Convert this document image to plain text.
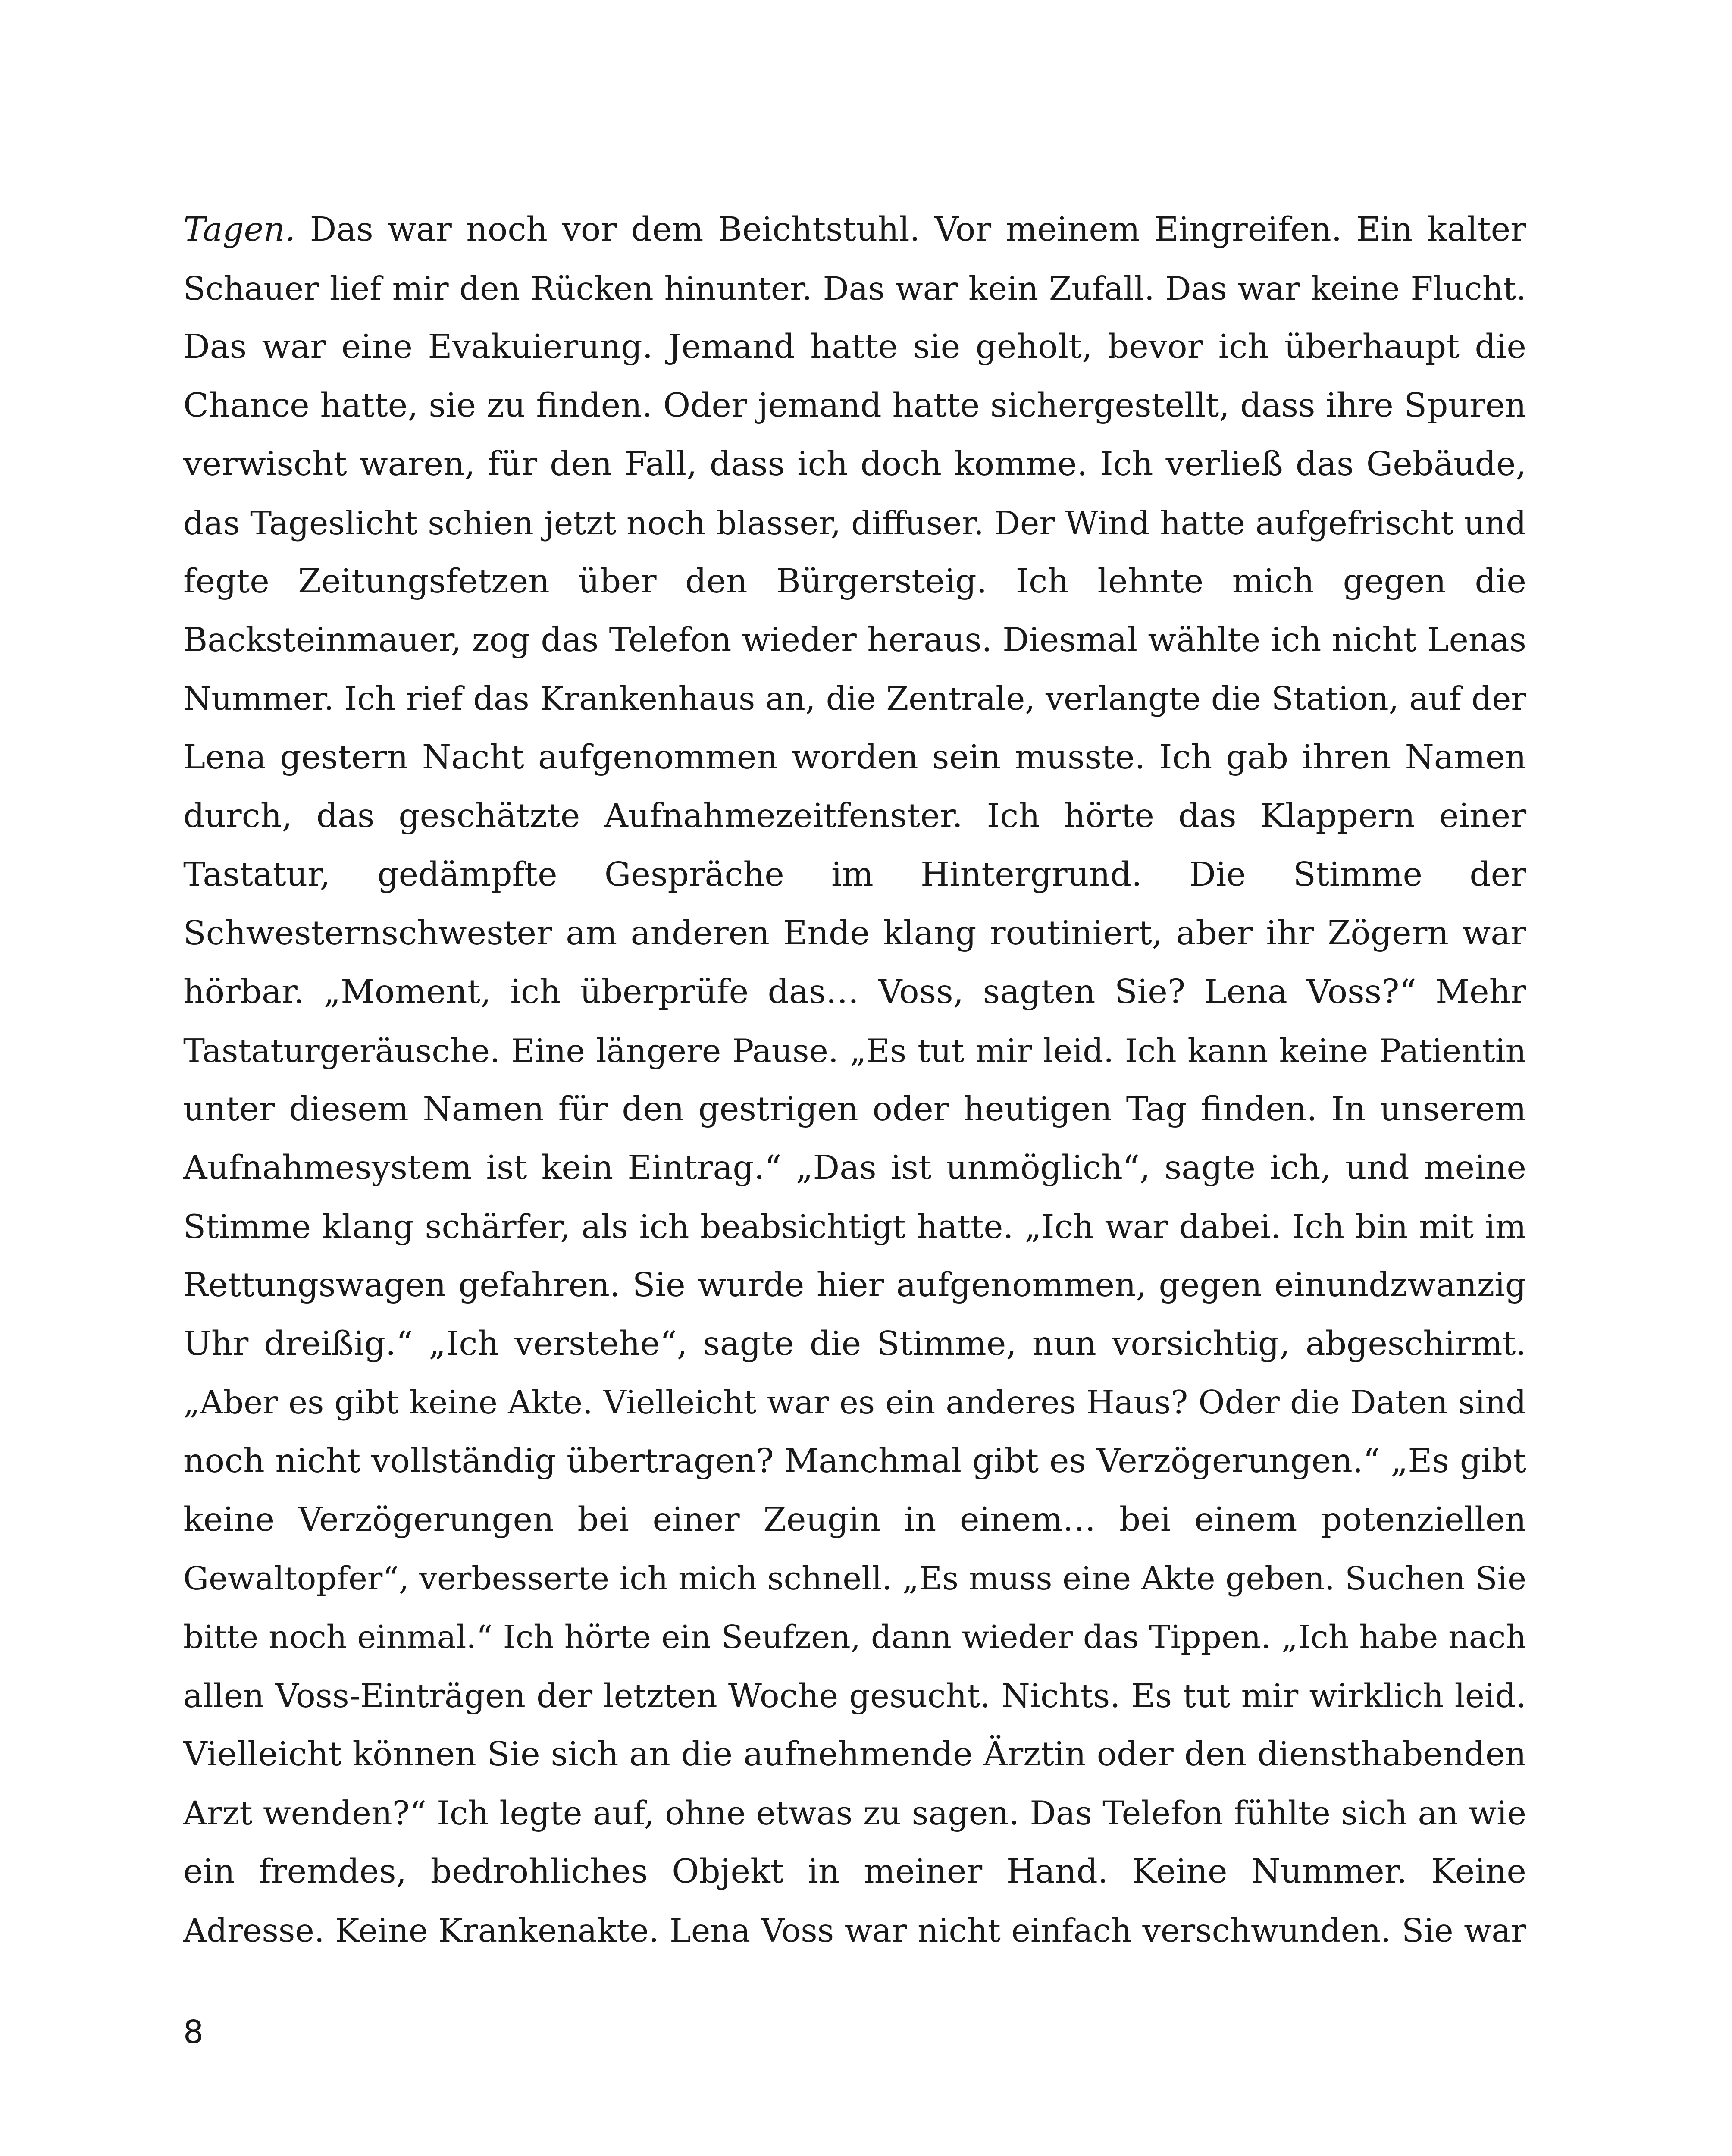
Tagen. Das war noch vor dem Beichtstuhl. Vor meinem Eingreifen. Ein kalter
Schauer lief mir den Rücken hinunter. Das war kein Zufall. Das war keine Flucht.
Das war eine Evakuierung. Jemand hatte sie geholt, bevor ich überhaupt die
Chance hatte, sie zu finden. Oder jemand hatte sichergestellt, dass ihre Spuren
verwischt waren, für den Fall, dass ich doch komme. Ich verließ das Gebäude,
das Tageslicht schien jetzt noch blasser, diffuser. Der Wind hatte aufgefrischt und
fegte Zeitungsfetzen über den Bürgersteig. Ich lehnte mich gegen die
Backsteinmauer, zog das Telefon wieder heraus. Diesmal wählte ich nicht Lenas
Nummer. Ich rief das Krankenhaus an, die Zentrale, verlangte die Station, auf der
Lena gestern Nacht aufgenommen worden sein musste. Ich gab ihren Namen
durch, das geschätzte Aufnahmezeitfenster. Ich hörte das Klappern einer
Tastatur, gedämpfte Gespräche im Hintergrund. Die Stimme der
Schwesternschwester am anderen Ende klang routiniert, aber ihr Zögern war
hörbar. „Moment, ich überprüfe das… Voss, sagten Sie? Lena Voss?“ Mehr
Tastaturgeräusche. Eine längere Pause. „Es tut mir leid. Ich kann keine Patientin
unter diesem Namen für den gestrigen oder heutigen Tag finden. In unserem
Aufnahmesystem ist kein Eintrag.“ „Das ist unmöglich“, sagte ich, und meine
Stimme klang schärfer, als ich beabsichtigt hatte. „Ich war dabei. Ich bin mit im
Rettungswagen gefahren. Sie wurde hier aufgenommen, gegen einundzwanzig
Uhr dreißig.“ „Ich verstehe“, sagte die Stimme, nun vorsichtig, abgeschirmt.
„Aber es gibt keine Akte. Vielleicht war es ein anderes Haus? Oder die Daten sind
noch nicht vollständig übertragen? Manchmal gibt es Verzögerungen.“ „Es gibt
keine Verzögerungen bei einer Zeugin in einem… bei einem potenziellen
Gewaltopfer“, verbesserte ich mich schnell. „Es muss eine Akte geben. Suchen Sie
bitte noch einmal.“ Ich hörte ein Seufzen, dann wieder das Tippen. „Ich habe nach
allen Voss-Einträgen der letzten Woche gesucht. Nichts. Es tut mir wirklich leid.
Vielleicht können Sie sich an die aufnehmende Ärztin oder den diensthabenden
Arzt wenden?“ Ich legte auf, ohne etwas zu sagen. Das Telefon fühlte sich an wie
ein fremdes, bedrohliches Objekt in meiner Hand. Keine Nummer. Keine
Adresse. Keine Krankenakte. Lena Voss war nicht einfach verschwunden. Sie war
8
